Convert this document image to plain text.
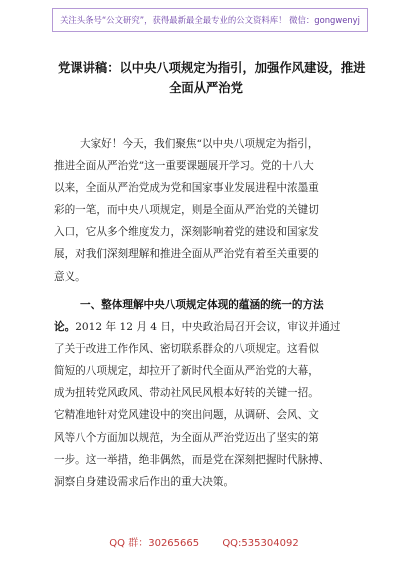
关注头条号“公文研究”，获得最新最全最专业的公文资料库！ 微信：gongwenyj
党课讲稿：以中央八项规定为指引，加强作风建设，推进
全面从严治党

大家好！今天，我们聚焦“以中央八项规定为指引，
推进全面从严治党”这一重要课题展开学习。党的十八大
以来，全面从严治党成为党和国家事业发展进程中浓墨重
彩的一笔，而中央八项规定，则是全面从严治党的关键切
入口，它从多个维度发力，深刻影响着党的建设和国家发
展，对我们深刻理解和推进全面从严治党有着至关重要的
意义。

一、整体理解中央八项规定体现的蕴涵的统一的方法
论。2012 年 12 月 4 日，中央政治局召开会议，审议并通过
了关于改进工作作风、密切联系群众的八项规定。这看似
简短的八项规定，却拉开了新时代全面从严治党的大幕，
成为扭转党风政风、带动社风民风根本好转的关键一招。
它精准地针对党风建设中的突出问题，从调研、会风、文
风等八个方面加以规范，为全面从严治党迈出了坚实的第
一步。这一举措，绝非偶然，而是党在深刻把握时代脉搏、
洞察自身建设需求后作出的重大决策。

QQ 群：30265665 QQ:535304092
